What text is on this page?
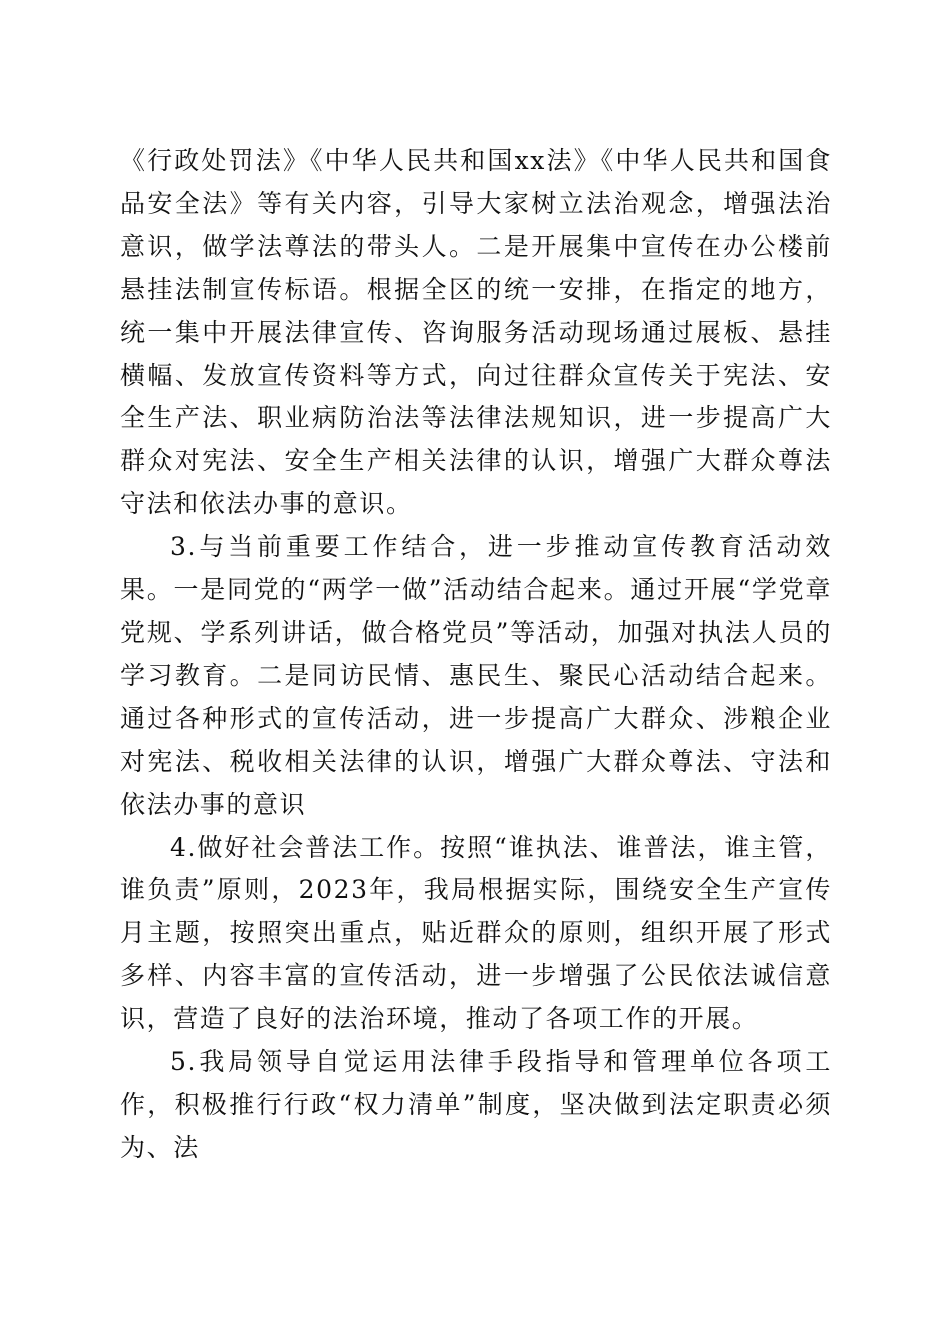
《行政处罚法》《中华人民共和国xx法》《中华人民共和国食品安全法》等有关内容，引导大家树立法治观念，增强法治意识，做学法尊法的带头人。二是开展集中宣传在办公楼前悬挂法制宣传标语。根据全区的统一安排，在指定的地方，统一集中开展法律宣传、咨询服务活动现场通过展板、悬挂横幅、发放宣传资料等方式，向过往群众宣传关于宪法、安全生产法、职业病防治法等法律法规知识，进一步提高广大群众对宪法、安全生产相关法律的认识，增强广大群众尊法守法和依法办事的意识。

3.与当前重要工作结合，进一步推动宣传教育活动效果。一是同党的“两学一做”活动结合起来。通过开展“学党章党规、学系列讲话，做合格党员”等活动，加强对执法人员的学习教育。二是同访民情、惠民生、聚民心活动结合起来。通过各种形式的宣传活动，进一步提高广大群众、涉粮企业对宪法、税收相关法律的认识，增强广大群众尊法、守法和依法办事的意识

4.做好社会普法工作。按照“谁执法、谁普法，谁主管，谁负责”原则，2023年，我局根据实际，围绕安全生产宣传月主题，按照突出重点，贴近群众的原则，组织开展了形式多样、内容丰富的宣传活动，进一步增强了公民依法诚信意识，营造了良好的法治环境，推动了各项工作的开展。

5.我局领导自觉运用法律手段指导和管理单位各项工作，积极推行行政“权力清单”制度，坚决做到法定职责必须为、法
